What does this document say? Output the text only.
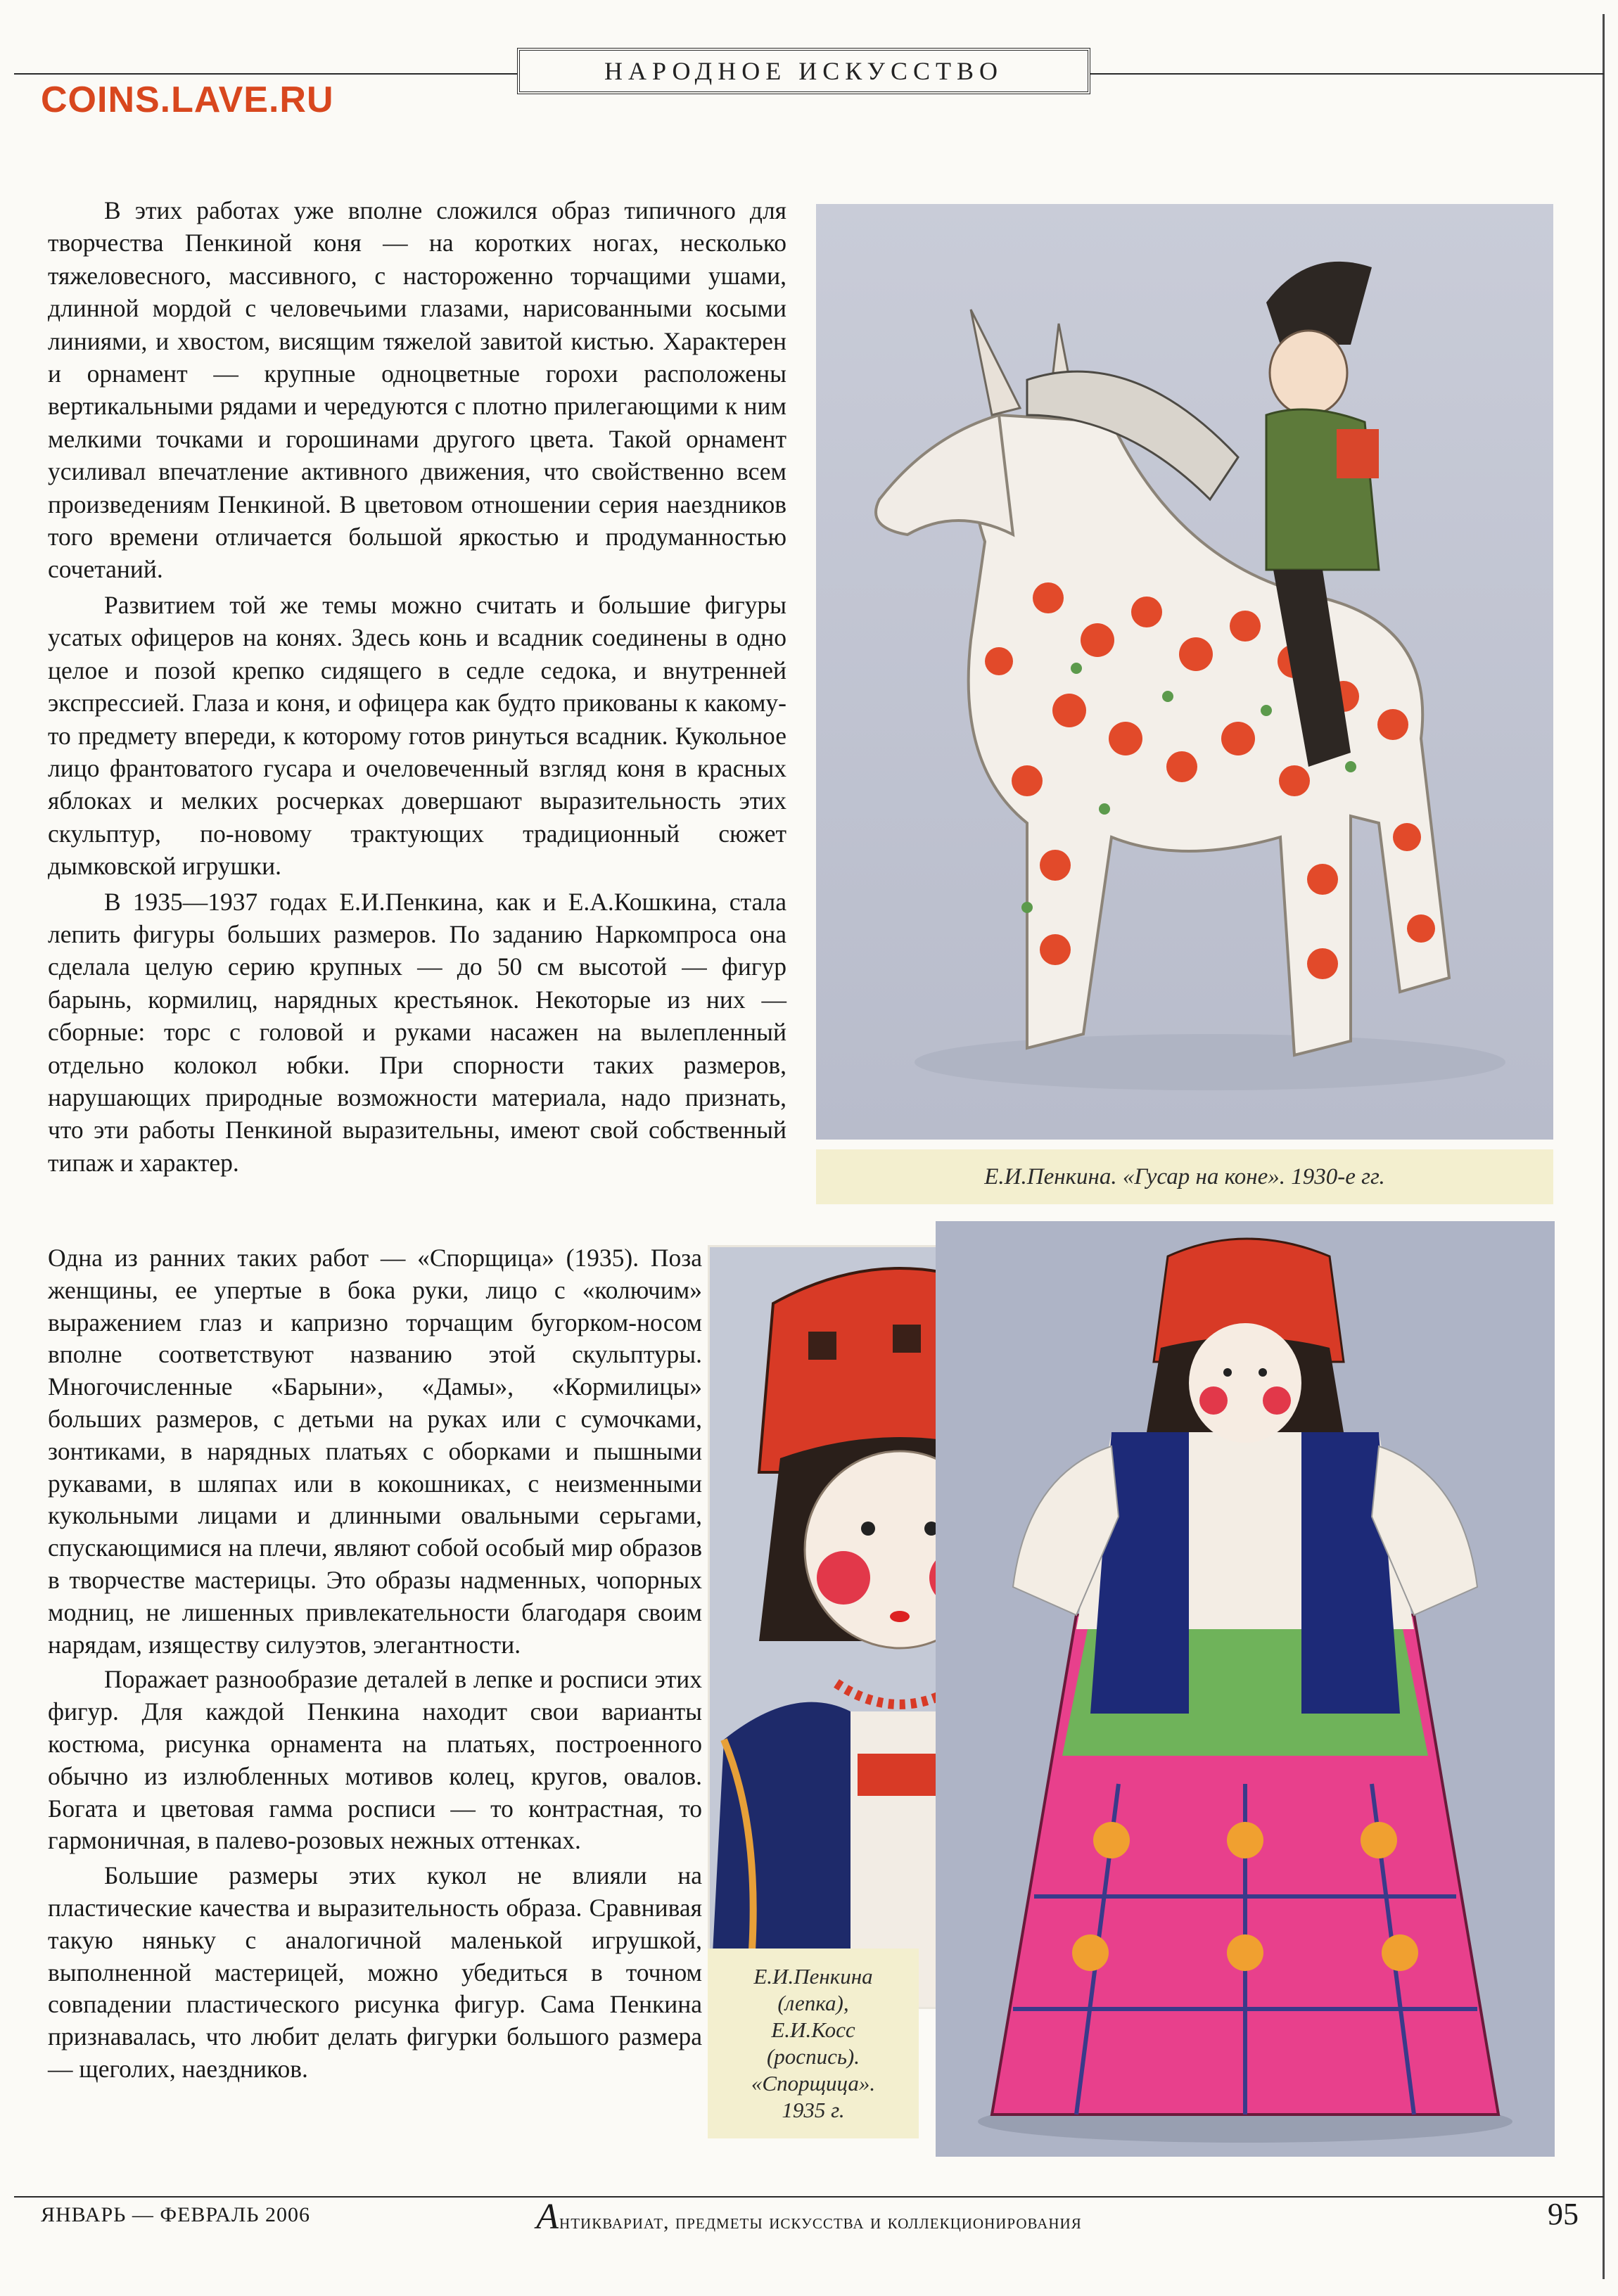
НАРОДНОЕ ИСКУССТВО
COINS.LAVE.RU

В этих работах уже вполне сложился образ типичного для творчества Пенкиной коня — на коротких ногах, несколько тяжеловесного, массивного, с настороженно торчащими ушами, длинной мордой с человечьими глазами, нарисованными косыми линиями, и хвостом, висящим тяжелой завитой кистью. Характерен и орнамент — крупные одноцветные горохи расположены вертикальными рядами и чередуются с плотно прилегающими к ним мелкими точками и горошинами другого цвета. Такой орнамент усиливал впечатление активного движения, что свойственно всем произведениям Пенкиной. В цветовом отношении серия наездников того времени отличается большой яркостью и продуманностью сочетаний.

Развитием той же темы можно считать и большие фигуры усатых офицеров на конях. Здесь конь и всадник соединены в одно целое и позой крепко сидящего в седле седока, и внутренней экспрессией. Глаза и коня, и офицера как будто прикованы к какому-то предмету впереди, к которому готов ринуться всадник. Кукольное лицо франтоватого гусара и очеловеченный взгляд коня в красных яблоках и мелких росчерках довершают выразительность этих скульптур, по-новому трактующих традиционный сюжет дымковской игрушки.

В 1935—1937 годах Е.И.Пенкина, как и Е.А.Кошкина, стала лепить фигуры больших размеров. По заданию Наркомпроса она сделала целую серию крупных — до 50 см высотой — фигур барынь, кормилиц, нарядных крестьянок. Некоторые из них — сборные: торс с головой и руками насажен на вылепленный отдельно колокол юбки. При спорности таких размеров, нарушающих природные возможности материала, надо признать, что эти работы Пенкиной выразительны, имеют свой собственный типаж и характер.

Одна из ранних таких работ — «Спорщица» (1935). Поза женщины, ее упертые в бока руки, лицо с «колючим» выражением глаз и капризно торчащим бугорком-носом вполне соответствуют названию этой скульптуры. Многочисленные «Барыни», «Дамы», «Кормилицы» больших размеров, с детьми на руках или с сумочками, зонтиками, в нарядных платьях с оборками и пышными рукавами, в шляпах или в кокошниках, с неизменными кукольными лицами и длинными овальными серьгами, спускающимися на плечи, являют собой особый мир образов в творчестве мастерицы. Это образы надменных, чопорных модниц, не лишенных привлекательности благодаря своим нарядам, изяществу силуэтов, элегантности.

Поражает разнообразие деталей в лепке и росписи этих фигур. Для каждой Пенкина находит свои варианты костюма, рисунка орнамента на платьях, построенного обычно из излюбленных мотивов колец, кругов, овалов. Богата и цветовая гамма росписи — то контрастная, то гармоничная, в палево-розовых нежных оттенках.

Большие размеры этих кукол не влияли на пластические качества и выразительность образа. Сравнивая такую няньку с аналогичной маленькой игрушкой, выполненной мастерицей, можно убедиться в точном совпадении пластического рисунка фигур. Сама Пенкина признавалась, что любит делать фигурки большого размера — щеголих, наездников.

Е.И.Пенкина. «Гусар на коне». 1930-е гг.
Е.И.Пенкина
(лепка),
Е.И.Косс
(роспись).
«Спорщица».
1935 г.
ЯНВАРЬ — ФЕВРАЛЬ 2006	Антиквариат, предметы искусства и коллекционирования	95
